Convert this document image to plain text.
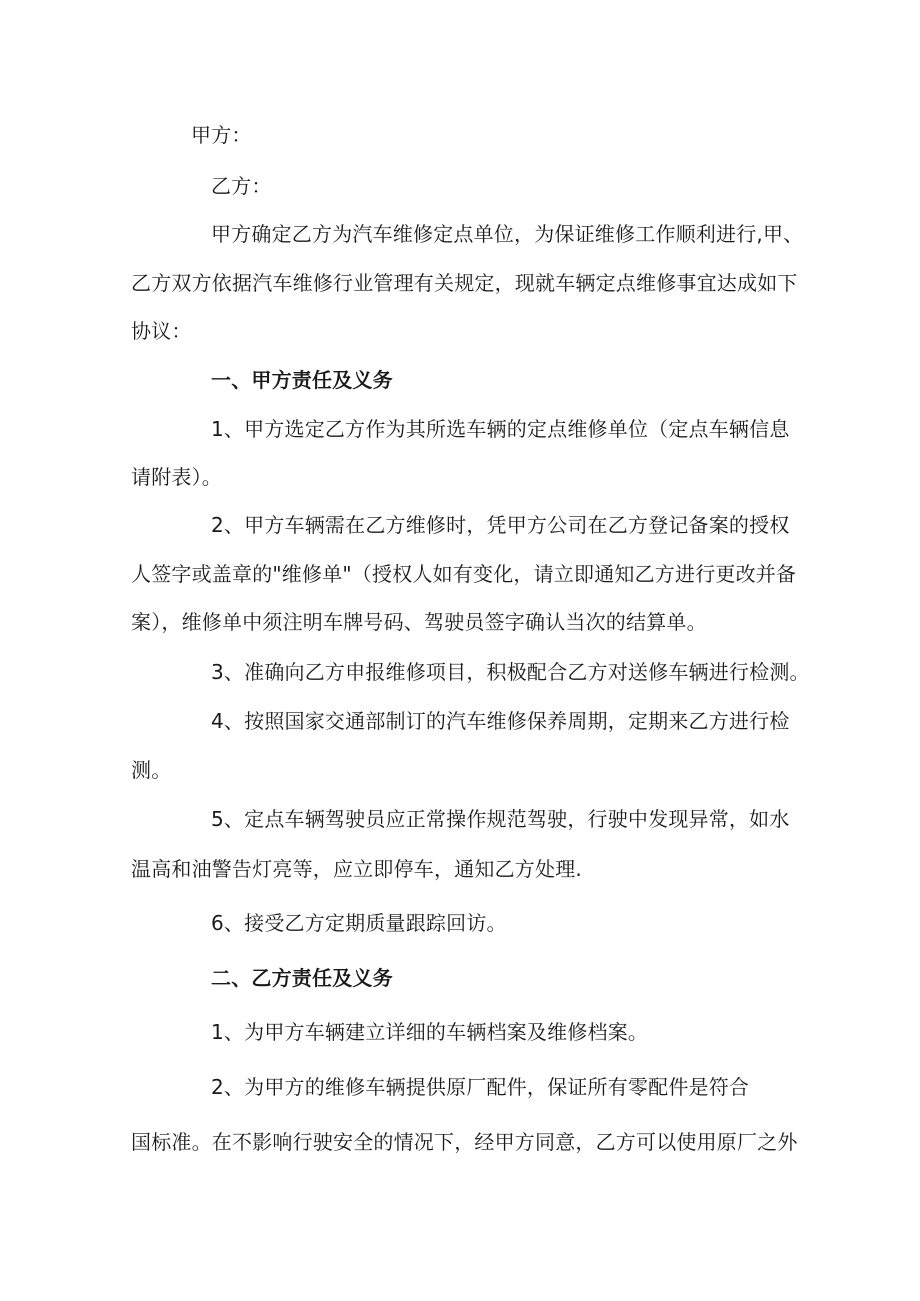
甲方：
乙方：
甲方确定乙方为汽车维修定点单位，为保证维修工作顺利进行,甲、
乙方双方依据汽车维修行业管理有关规定，现就车辆定点维修事宜达成如下
协议：
一、甲方责任及义务
1、甲方选定乙方作为其所选车辆的定点维修单位（定点车辆信息
请附表）。
2、甲方车辆需在乙方维修时，凭甲方公司在乙方登记备案的授权
人签字或盖章的"维修单"（授权人如有变化，请立即通知乙方进行更改并备
案），维修单中须注明车牌号码、驾驶员签字确认当次的结算单。
3、准确向乙方申报维修项目，积极配合乙方对送修车辆进行检测。
4、按照国家交通部制订的汽车维修保养周期，定期来乙方进行检
测。
5、定点车辆驾驶员应正常操作规范驾驶，行驶中发现异常，如水
温高和油警告灯亮等，应立即停车，通知乙方处理.
6、接受乙方定期质量跟踪回访。
二、乙方责任及义务
1、为甲方车辆建立详细的车辆档案及维修档案。
2、为甲方的维修车辆提供原厂配件，保证所有零配件是符合
国标准。在不影响行驶安全的情况下，经甲方同意，乙方可以使用原厂之外
